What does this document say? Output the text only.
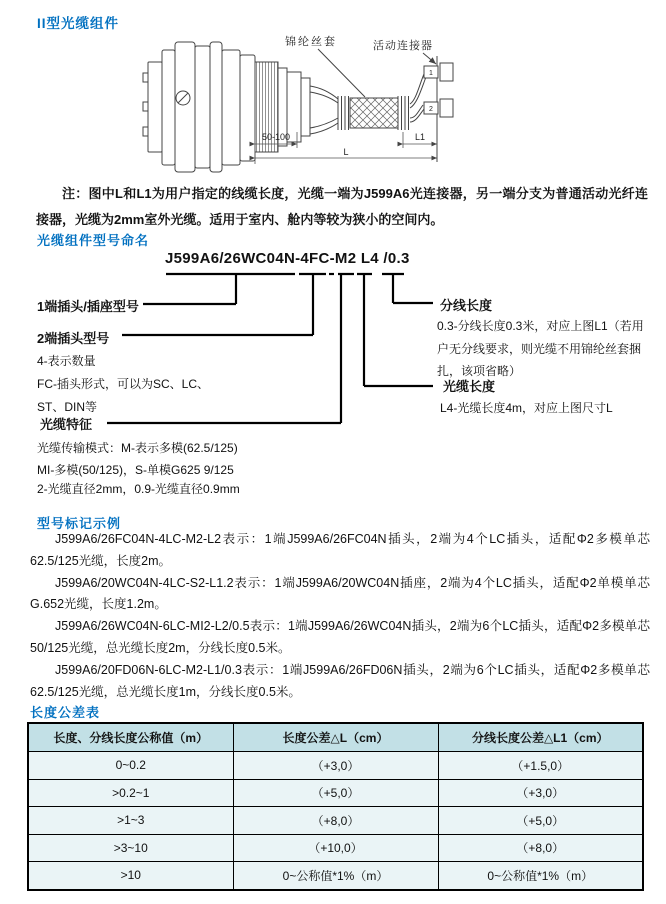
II型光缆组件
1
2
锦纶丝套	活动连接器
50-100	L1
L
注：图中L和L1为用户指定的线缆长度，光缆一端为J599A6光连接器，另一端分支为普通活动光纤连接器，光缆为2mm室外光缆。适用于室内、舱内等较为狭小的空间内。
光缆组件型号命名
J599A6/26WC04N-4FC-M2 L4 /0.3
1端插头/插座型号
2端插头型号
4-表示数量
FC-插头形式，可以为SC、LC、
ST、DIN等
光缆特征
光缆传输模式：M-表示多模(62.5/125)
MI-多模(50/125)，S-单模G625 9/125
2-光缆直径2mm，0.9-光缆直径0.9mm
分线长度
0.3-分线长度0.3米，对应上图L1（若用户无分线要求，则光缆不用锦纶丝套捆扎，该项省略）
光缆长度
L4-光缆长度4m，对应上图尺寸L
型号标记示例

J599A6/26FC04N-4LC-M2-L2表示：1端J599A6/26FC04N插头，2端为4个LC插头，适配Φ2多模单芯62.5/125光缆，长度2m。

J599A6/20WC04N-4LC-S2-L1.2表示：1端J599A6/20WC04N插座，2端为4个LC插头，适配Φ2单模单芯G.652光缆，长度1.2m。

J599A6/26WC04N-6LC-MI2-L2/0.5表示：1端J599A6/26WC04N插头，2端为6个LC插头，适配Φ2多模单芯50/125光缆，总光缆长度2m，分线长度0.5米。

J599A6/20FD06N-6LC-M2-L1/0.3表示：1端J599A6/26FD06N插头，2端为6个LC插头，适配Φ2多模单芯62.5/125光缆，总光缆长度1m，分线长度0.5米。

长度公差表
长度、分线长度公称值（m）	长度公差△L（cm）	分线长度公差△L1（cm）
0~0.2	（+3,0）	（+1.5,0）
>0.2~1	（+5,0）	（+3,0）
>1~3	（+8,0）	（+5,0）
>3~10	（+10,0）	（+8,0）
>10	0~公称值*1%（m）	0~公称值*1%（m）
